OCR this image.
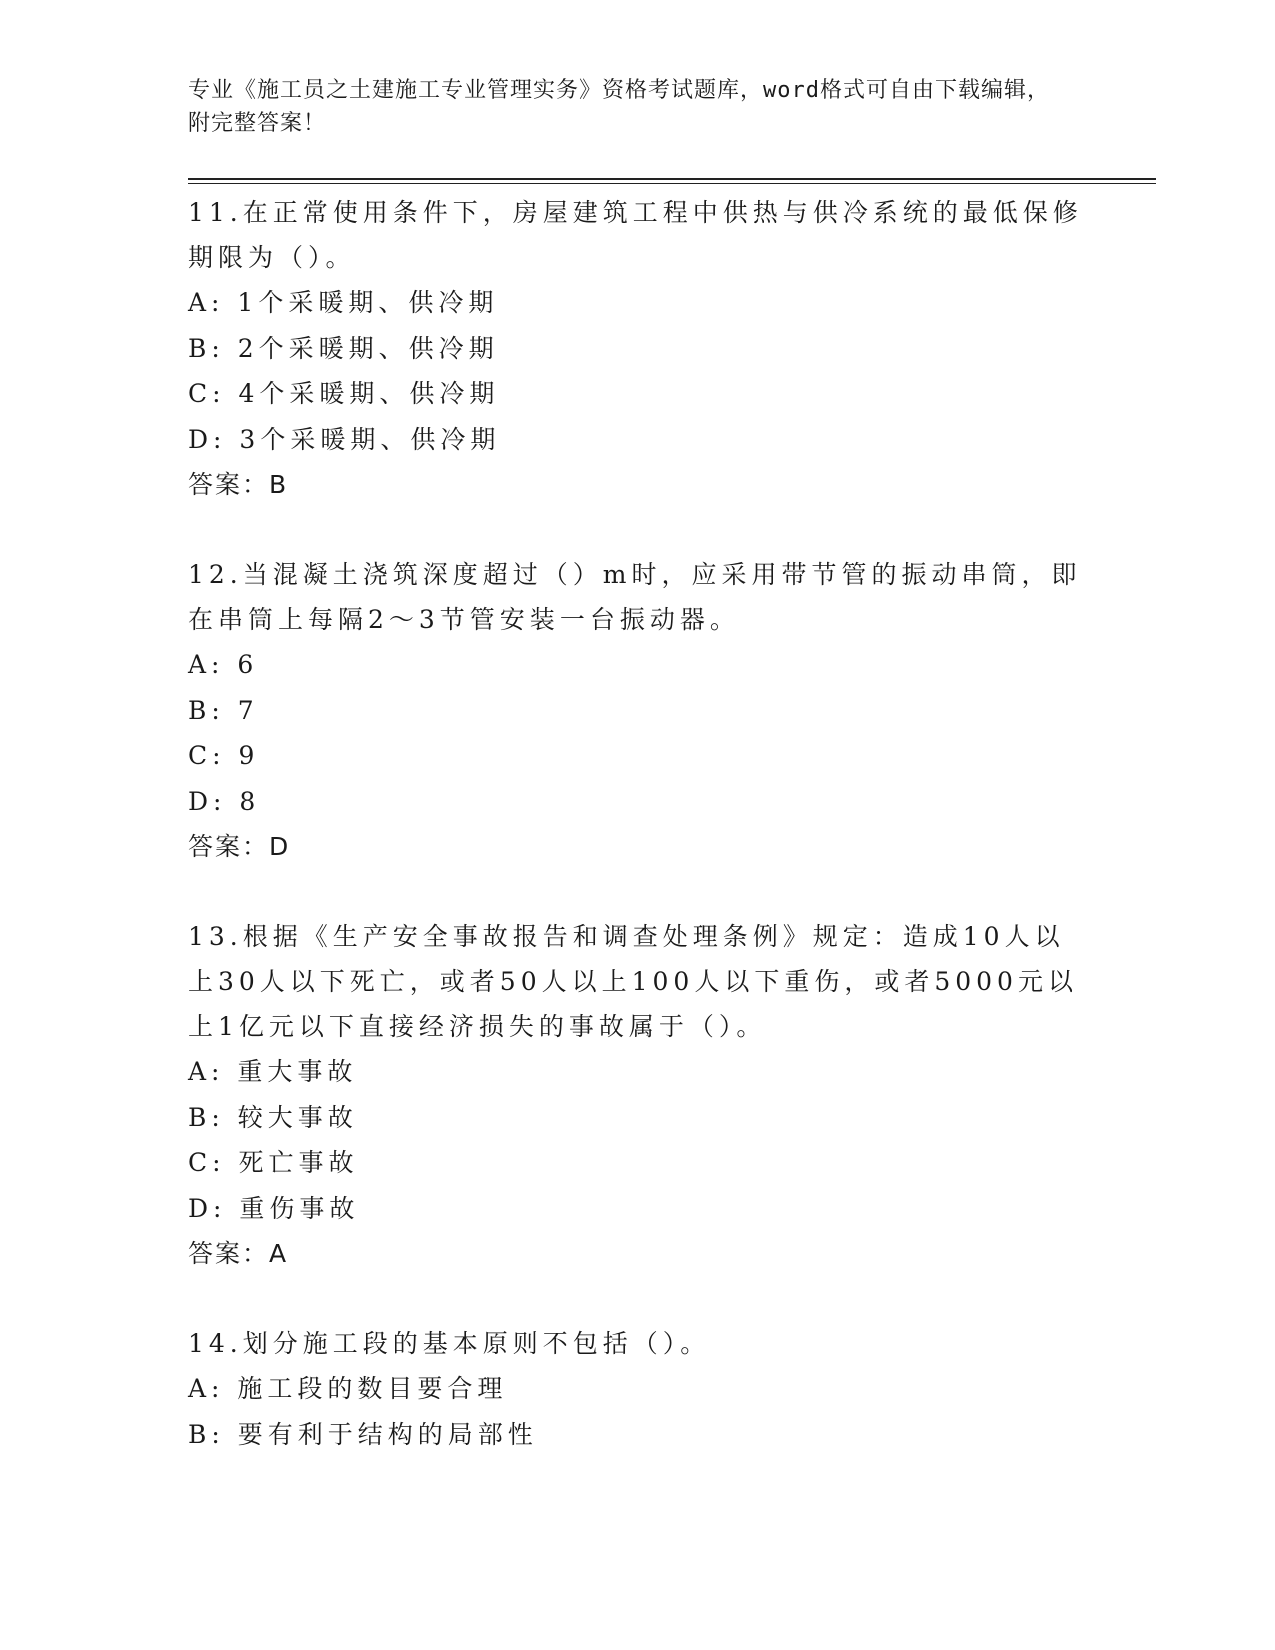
专业《施工员之土建施工专业管理实务》资格考试题库，word格式可自由下载编辑，附完整答案！
11.在正常使用条件下，房屋建筑工程中供热与供冷系统的最低保修期限为（）。
A: 1个采暖期、供冷期
B: 2个采暖期、供冷期
C: 4个采暖期、供冷期
D: 3个采暖期、供冷期
答案：B
12.当混凝土浇筑深度超过（）m时，应采用带节管的振动串筒，即在串筒上每隔2～3节管安装一台振动器。
A: 6
B: 7
C: 9
D: 8
答案：D
13.根据《生产安全事故报告和调查处理条例》规定：造成10人以上30人以下死亡，或者50人以上100人以下重伤，或者5000元以上1亿元以下直接经济损失的事故属于（）。
A: 重大事故
B: 较大事故
C: 死亡事故
D: 重伤事故
答案：A
14.划分施工段的基本原则不包括（）。
A: 施工段的数目要合理
B: 要有利于结构的局部性
